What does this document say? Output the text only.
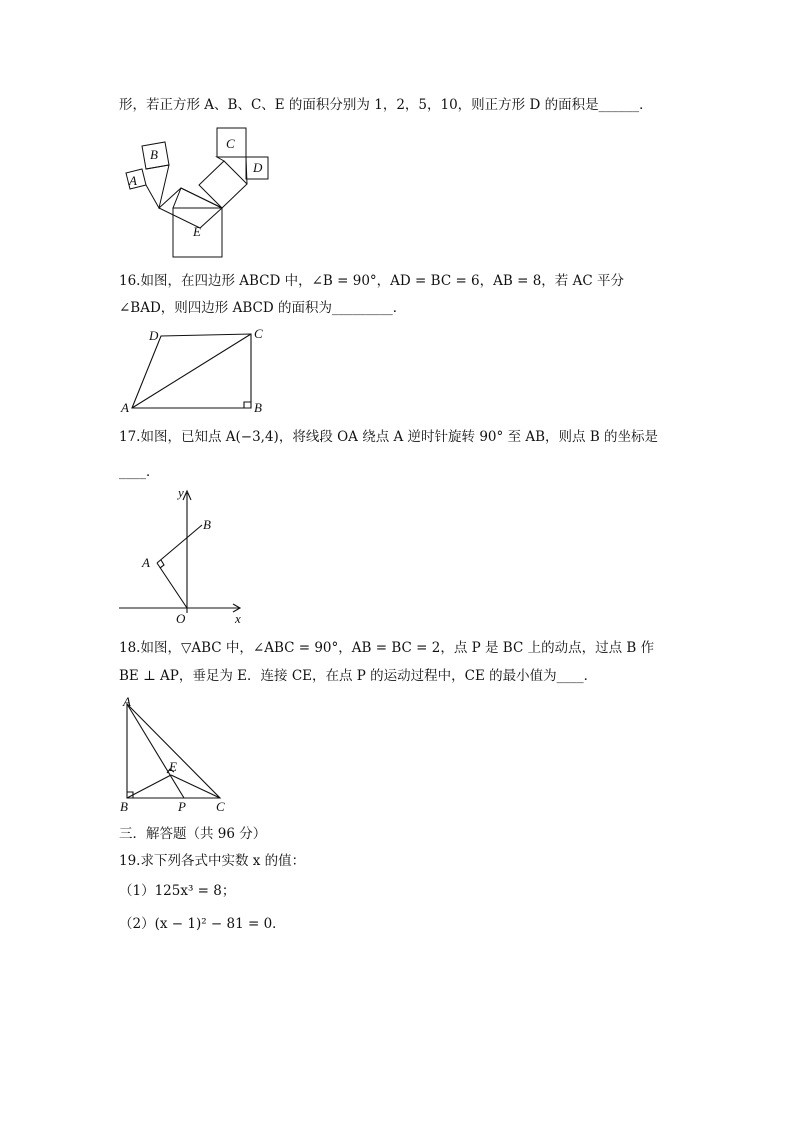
形，若正方形 A、B、C、E 的面积分别为 1，2，5，10，则正方形 D 的面积是______．
A
B
C
D
E
16.如图，在四边形 ABCD 中，∠B = 90°，AD = BC = 6，AB = 8，若 AC 平分
∠BAD，则四边形 ABCD 的面积为_________．
A	B
C
D
17.如图，已知点 A(−3,4)，将线段 OA 绕点 A 逆时针旋转 90° 至 AB，则点 B 的坐标是
____．
y
B
A
O	x
18.如图，▽ABC 中，∠ABC = 90°，AB = BC = 2，点 P 是 BC 上的动点，过点 B 作
BE ⊥ AP，垂足为 E．连接 CE，在点 P 的运动过程中，CE 的最小值为____．
A
B	C
E
P
三．解答题（共 96 分）
19.求下列各式中实数 x 的值：
（1）125x³ = 8；
（2）(x − 1)² − 81 = 0．
